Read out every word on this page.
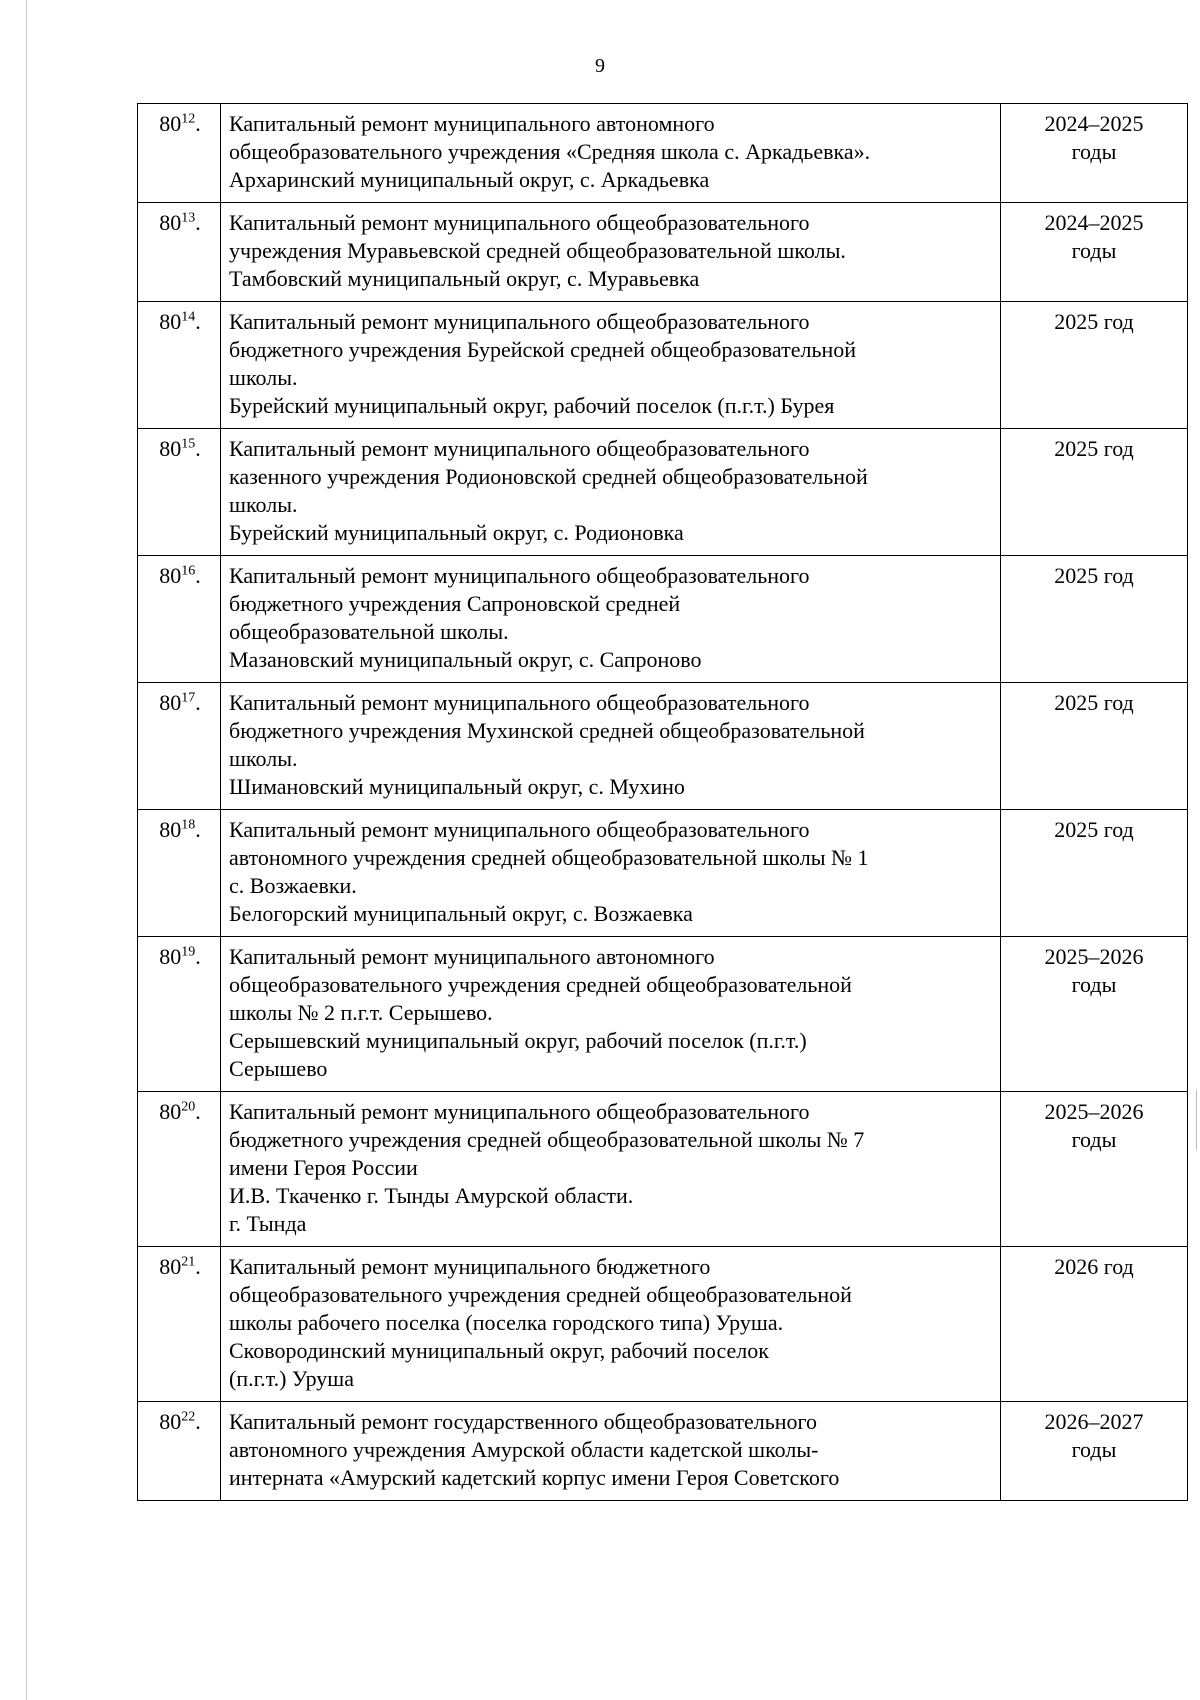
9
$80^{12}$.	Капитальный ремонт муниципального автономного
общеобразовательного учреждения «Средняя школа с. Аркадьевка».
Архаринский муниципальный округ, с. Аркадьевка	2024–2025
годы
$80^{13}$.	Капитальный ремонт муниципального общеобразовательного
учреждения Муравьевской средней общеобразовательной школы.
Тамбовский муниципальный округ, с. Муравьевка	2024–2025
годы
$80^{14}$.	Капитальный ремонт муниципального общеобразовательного
бюджетного учреждения Бурейской средней общеобразовательной
школы.
Бурейский муниципальный округ, рабочий поселок (п.г.т.) Бурея	2025 год
$80^{15}$.	Капитальный ремонт муниципального общеобразовательного
казенного учреждения Родионовской средней общеобразовательной
школы.
Бурейский муниципальный округ, с. Родионовка	2025 год
$80^{16}$.	Капитальный ремонт муниципального общеобразовательного
бюджетного учреждения Сапроновской средней
общеобразовательной школы.
Мазановский муниципальный округ, с. Сапроново	2025 год
$80^{17}$.	Капитальный ремонт муниципального общеобразовательного
бюджетного учреждения Мухинской средней общеобразовательной
школы.
Шимановский муниципальный округ, с. Мухино	2025 год
$80^{18}$.	Капитальный ремонт муниципального общеобразовательного
автономного учреждения средней общеобразовательной школы № 1
с. Возжаевки.
Белогорский муниципальный округ, с. Возжаевка	2025 год
$80^{19}$.	Капитальный ремонт муниципального автономного
общеобразовательного учреждения средней общеобразовательной
школы № 2 п.г.т. Серышево.
Серышевский муниципальный округ, рабочий поселок (п.г.т.)
Серышево	2025–2026
годы
$80^{20}$.	Капитальный ремонт муниципального общеобразовательного
бюджетного учреждения средней общеобразовательной школы № 7
имени Героя России
И.В. Ткаченко г. Тынды Амурской области.
г. Тында	2025–2026
годы
$80^{21}$.	Капитальный ремонт муниципального бюджетного
общеобразовательного учреждения средней общеобразовательной
школы рабочего поселка (поселка городского типа) Уруша.
Сковородинский муниципальный округ, рабочий поселок
(п.г.т.) Уруша	2026 год
$80^{22}$.	Капитальный ремонт государственного общеобразовательного
автономного учреждения Амурской области кадетской школы-
интерната «Амурский кадетский корпус имени Героя Советского	2026–2027
годы
